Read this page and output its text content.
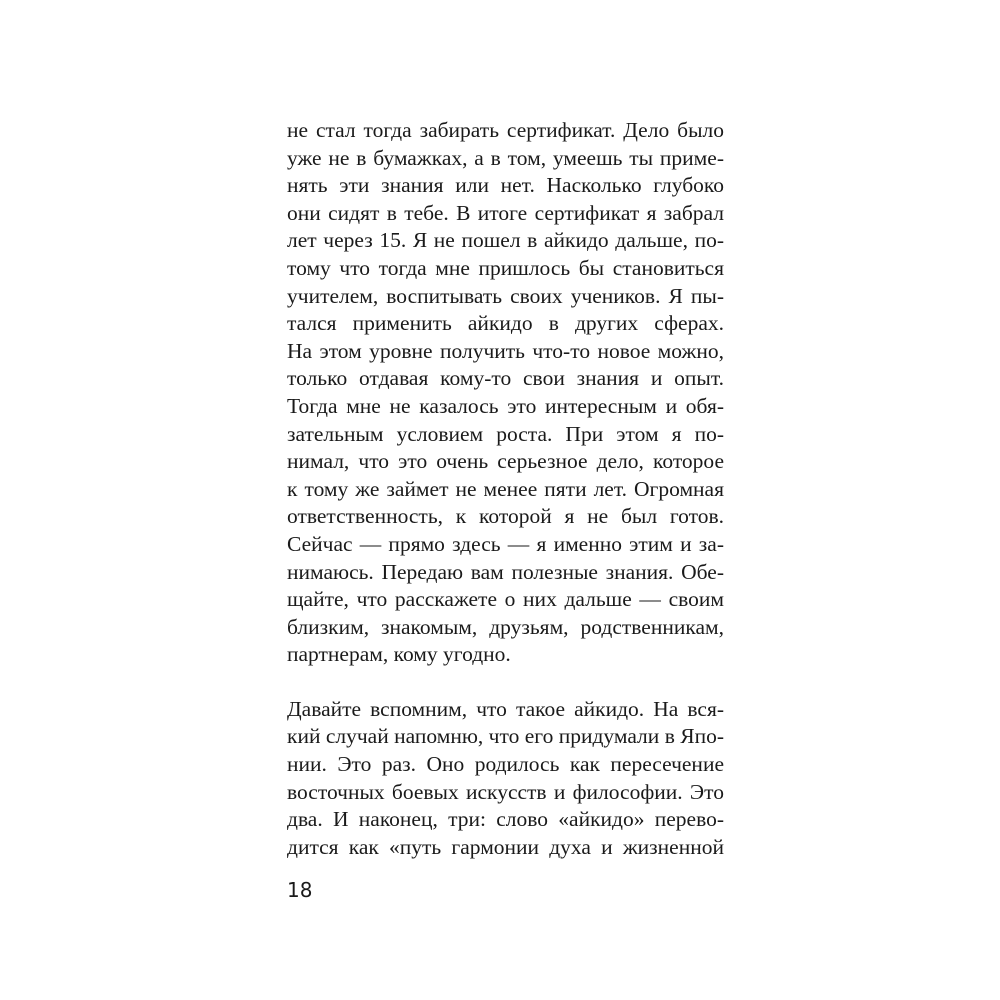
не стал тогда забирать сертификат. Дело было
уже не в бумажках, а в том, умеешь ты приме-
нять эти знания или нет. Насколько глубоко
они сидят в тебе. В итоге сертификат я забрал
лет через 15. Я не пошел в айкидо дальше, по-
тому что тогда мне пришлось бы становиться
учителем, воспитывать своих учеников. Я пы-
тался применить айкидо в других сферах.
На этом уровне получить что-то новое можно,
только отдавая кому-то свои знания и опыт.
Тогда мне не казалось это интересным и обя-
зательным условием роста. При этом я по-
нимал, что это очень серьезное дело, которое
к тому же займет не менее пяти лет. Огромная
ответственность, к которой я не был готов.
Сейчас — прямо здесь — я именно этим и за-
нимаюсь. Передаю вам полезные знания. Обе-
щайте, что расскажете о них дальше — своим
близким, знакомым, друзьям, родственникам,
партнерам, кому угодно.

Давайте вспомним, что такое айкидо. На вся-
кий случай напомню, что его придумали в Япо-
нии. Это раз. Оно родилось как пересечение
восточных боевых искусств и философии. Это
два. И наконец, три: слово «айкидо» перево-
дится как «путь гармонии духа и жизненной

18
